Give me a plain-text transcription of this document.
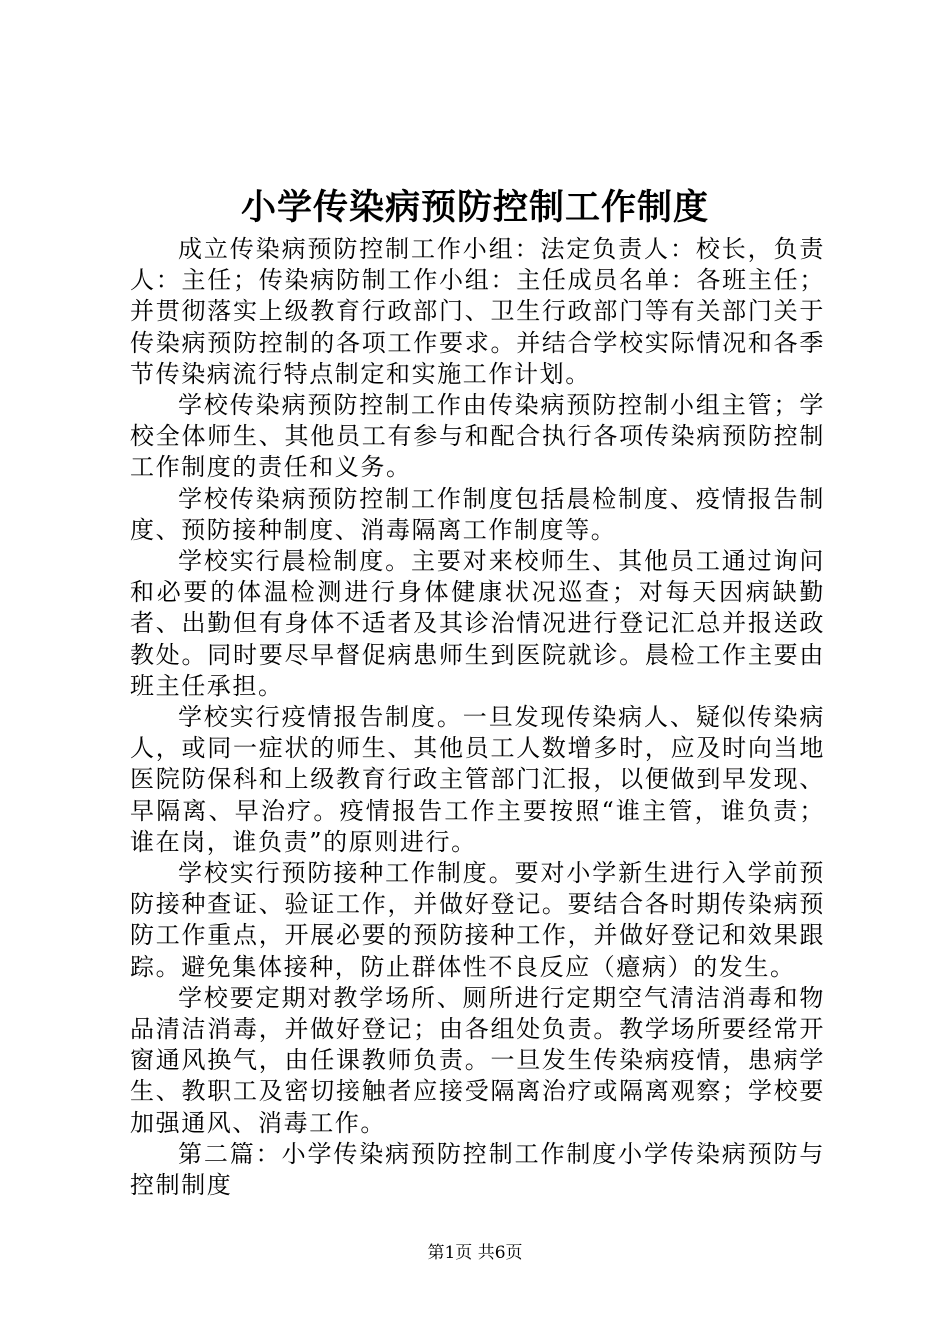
小学传染病预防控制工作制度

成立传染病预防控制工作小组：法定负责人：校长，负责人：主任；传染病防制工作小组：主任成员名单：各班主任；并贯彻落实上级教育行政部门、卫生行政部门等有关部门关于传染病预防控制的各项工作要求。并结合学校实际情况和各季节传染病流行特点制定和实施工作计划。

学校传染病预防控制工作由传染病预防控制小组主管；学校全体师生、其他员工有参与和配合执行各项传染病预防控制工作制度的责任和义务。

学校传染病预防控制工作制度包括晨检制度、疫情报告制度、预防接种制度、消毒隔离工作制度等。

学校实行晨检制度。主要对来校师生、其他员工通过询问和必要的体温检测进行身体健康状况巡查；对每天因病缺勤者、出勤但有身体不适者及其诊治情况进行登记汇总并报送政教处。同时要尽早督促病患师生到医院就诊。晨检工作主要由班主任承担。

学校实行疫情报告制度。一旦发现传染病人、疑似传染病人，或同一症状的师生、其他员工人数增多时，应及时向当地医院防保科和上级教育行政主管部门汇报，以便做到早发现、早隔离、早治疗。疫情报告工作主要按照“谁主管，谁负责；谁在岗，谁负责”的原则进行。

学校实行预防接种工作制度。要对小学新生进行入学前预防接种查证、验证工作，并做好登记。要结合各时期传染病预防工作重点，开展必要的预防接种工作，并做好登记和效果跟踪。避免集体接种，防止群体性不良反应（癔病）的发生。

学校要定期对教学场所、厕所进行定期空气清洁消毒和物品清洁消毒，并做好登记；由各组处负责。教学场所要经常开窗通风换气，由任课教师负责。一旦发生传染病疫情，患病学生、教职工及密切接触者应接受隔离治疗或隔离观察；学校要加强通风、消毒工作。

第二篇：小学传染病预防控制工作制度小学传染病预防与控制制度

第1页 共6页
